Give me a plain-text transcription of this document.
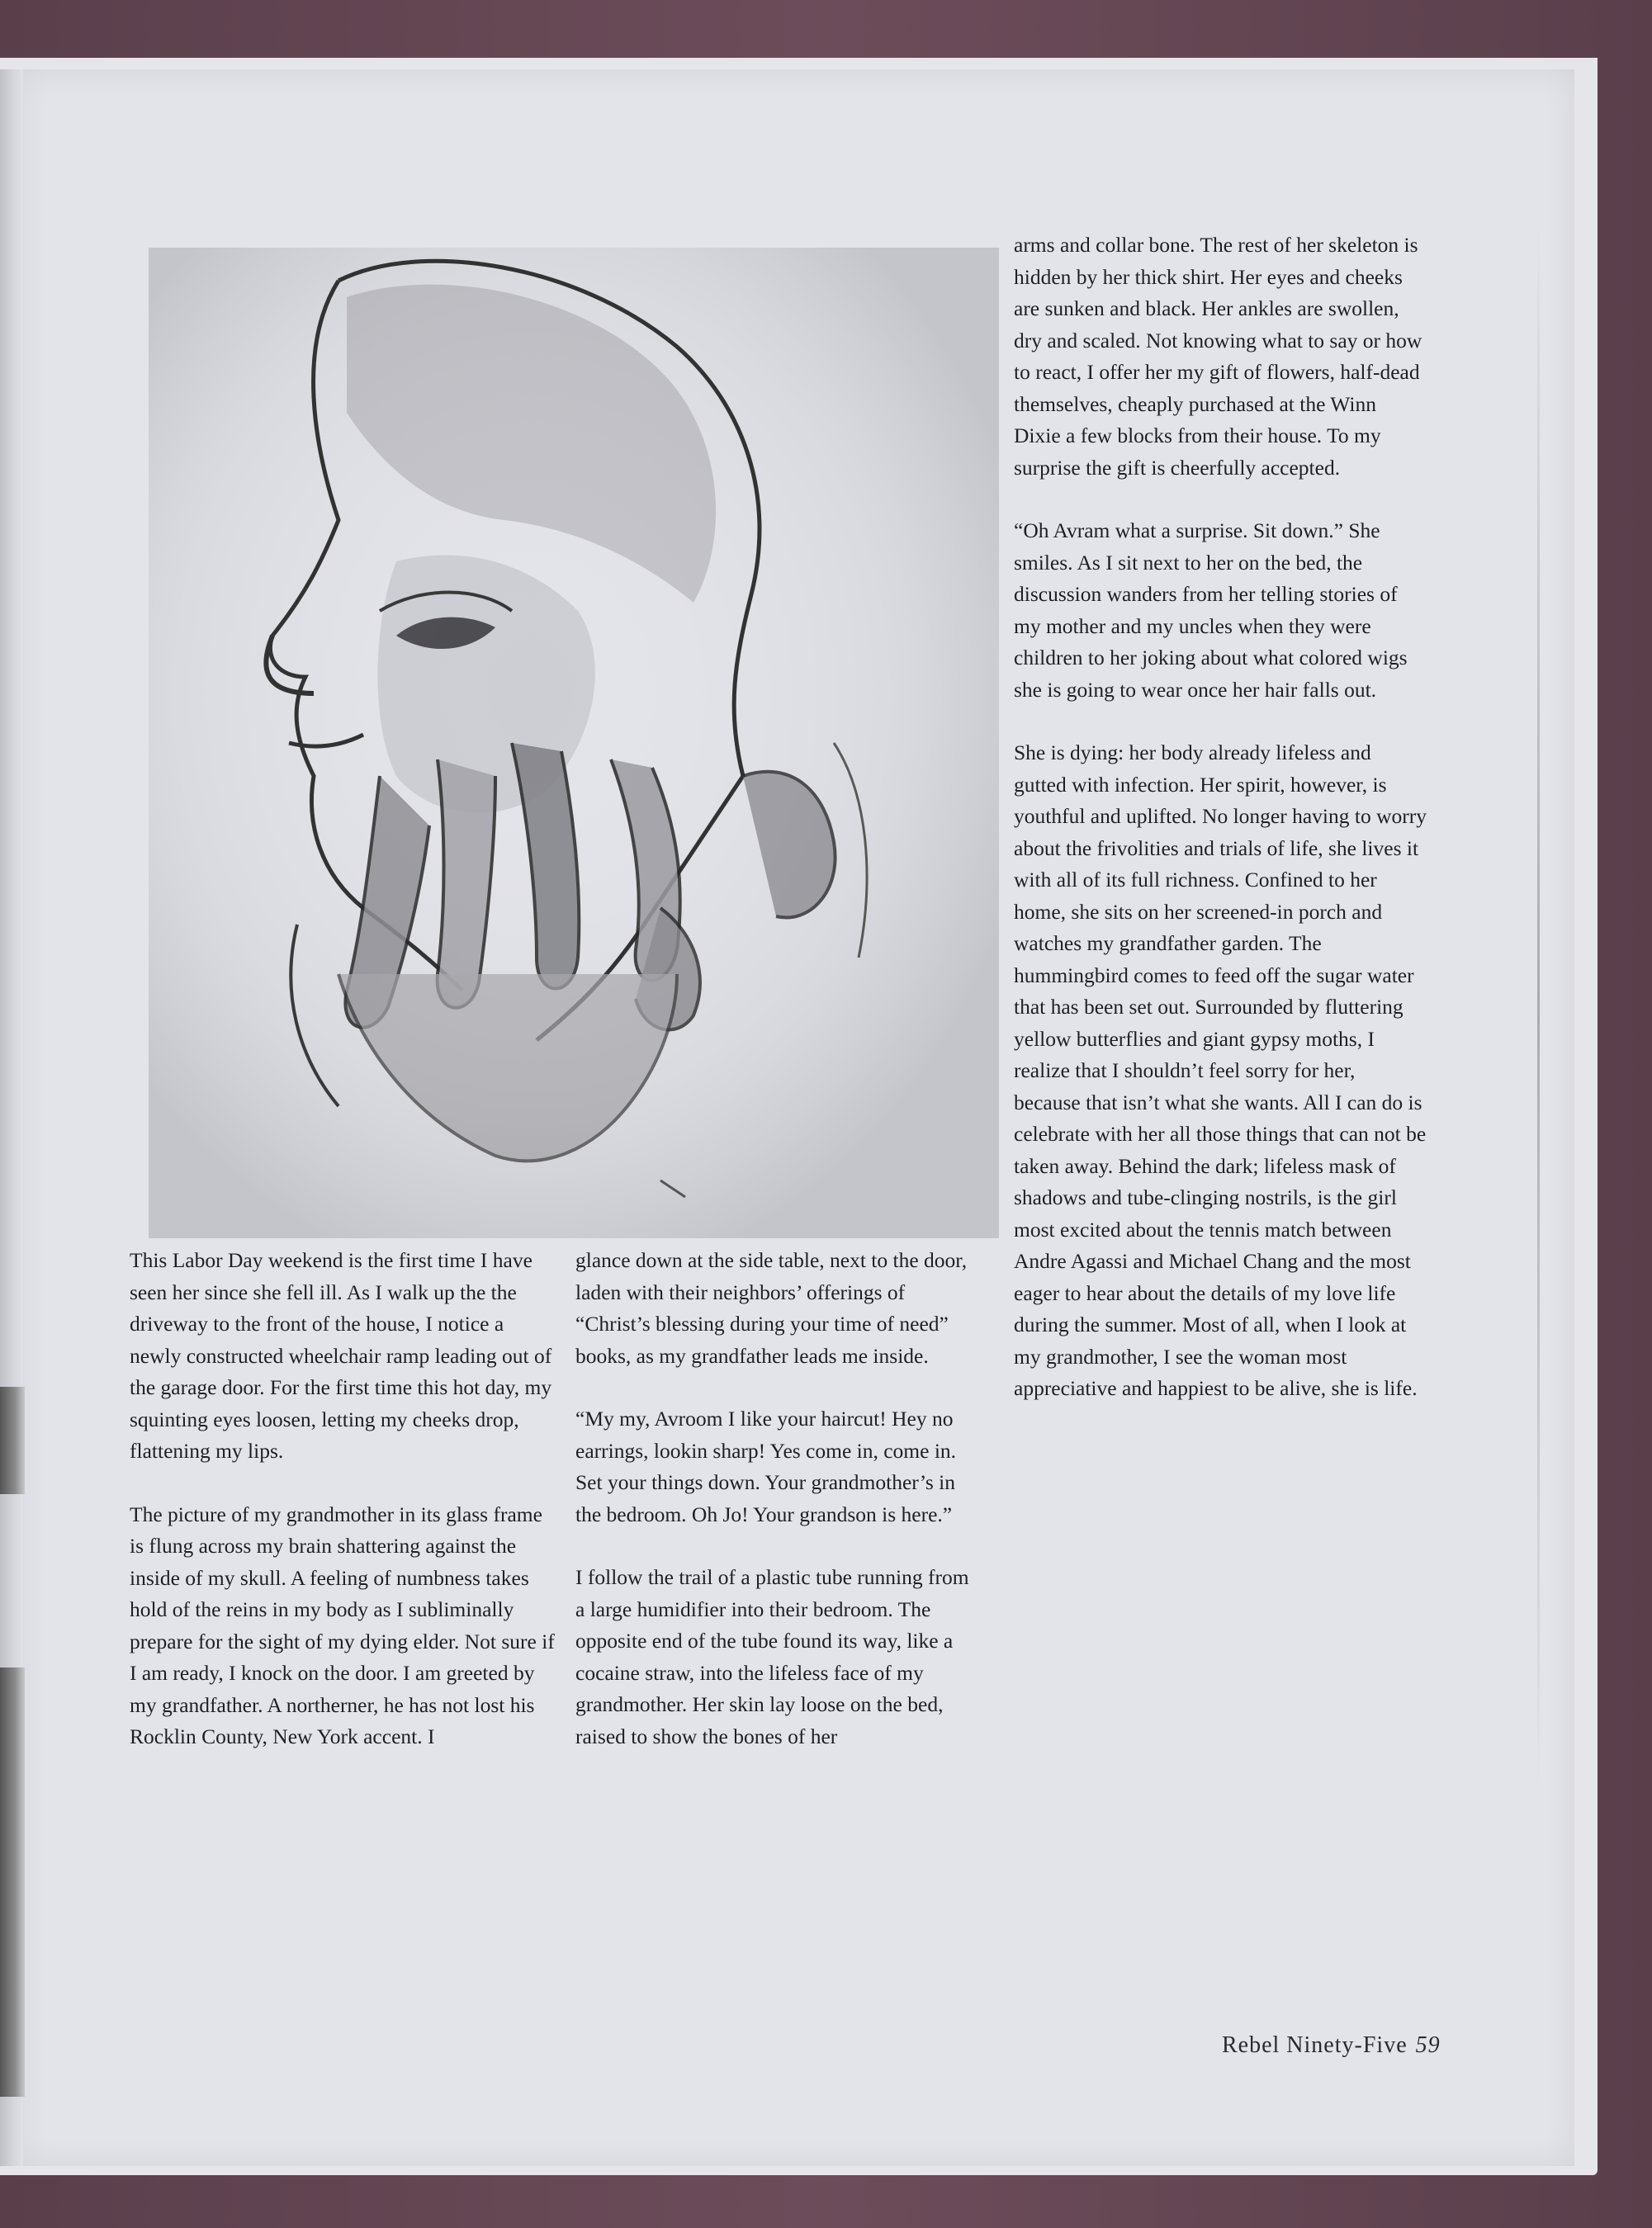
This Labor Day weekend is the first time I have seen her since she fell ill. As I walk up the the driveway to the front of the house, I notice a newly constructed wheelchair ramp leading out of the garage door. For the first time this hot day, my squinting eyes loosen, letting my cheeks drop, flattening my lips.

The picture of my grandmother in its glass frame is flung across my brain shattering against the inside of my skull. A feeling of numbness takes hold of the reins in my body as I subliminally prepare for the sight of my dying elder. Not sure if I am ready, I knock on the door. I am greeted by my grandfather. A northerner, he has not lost his Rocklin County, New York accent. I

glance down at the side table, next to the door, laden with their neighbors’ offerings of “Christ’s blessing during your time of need” books, as my grandfather leads me inside.

“My my, Avroom I like your haircut! Hey no earrings, lookin sharp! Yes come in, come in. Set your things down. Your grandmother’s in the bedroom. Oh Jo! Your grandson is here.”

I follow the trail of a plastic tube running from a large humidifier into their bedroom. The opposite end of the tube found its way, like a cocaine straw, into the lifeless face of my grandmother. Her skin lay loose on the bed, raised to show the bones of her

arms and collar bone. The rest of her skeleton is hidden by her thick shirt. Her eyes and cheeks are sunken and black. Her ankles are swollen, dry and scaled. Not knowing what to say or how to react, I offer her my gift of flowers, half-dead themselves, cheaply purchased at the Winn Dixie a few blocks from their house. To my surprise the gift is cheerfully accepted.

“Oh Avram what a surprise. Sit down.” She smiles. As I sit next to her on the bed, the discussion wanders from her telling stories of my mother and my uncles when they were children to her joking about what colored wigs she is going to wear once her hair falls out.

She is dying: her body already lifeless and gutted with infection. Her spirit, however, is youthful and uplifted. No longer having to worry about the frivolities and trials of life, she lives it with all of its full richness. Confined to her home, she sits on her screened-in porch and watches my grandfather garden. The hummingbird comes to feed off the sugar water that has been set out. Surrounded by fluttering yellow butterflies and giant gypsy moths, I realize that I shouldn’t feel sorry for her, because that isn’t what she wants. All I can do is celebrate with her all those things that can not be taken away. Behind the dark; lifeless mask of shadows and tube-clinging nostrils, is the girl most excited about the tennis match between Andre Agassi and Michael Chang and the most eager to hear about the details of my love life during the summer. Most of all, when I look at my grandmother, I see the woman most appreciative and happiest to be alive, she is life.

Rebel Ninety-Five 59
